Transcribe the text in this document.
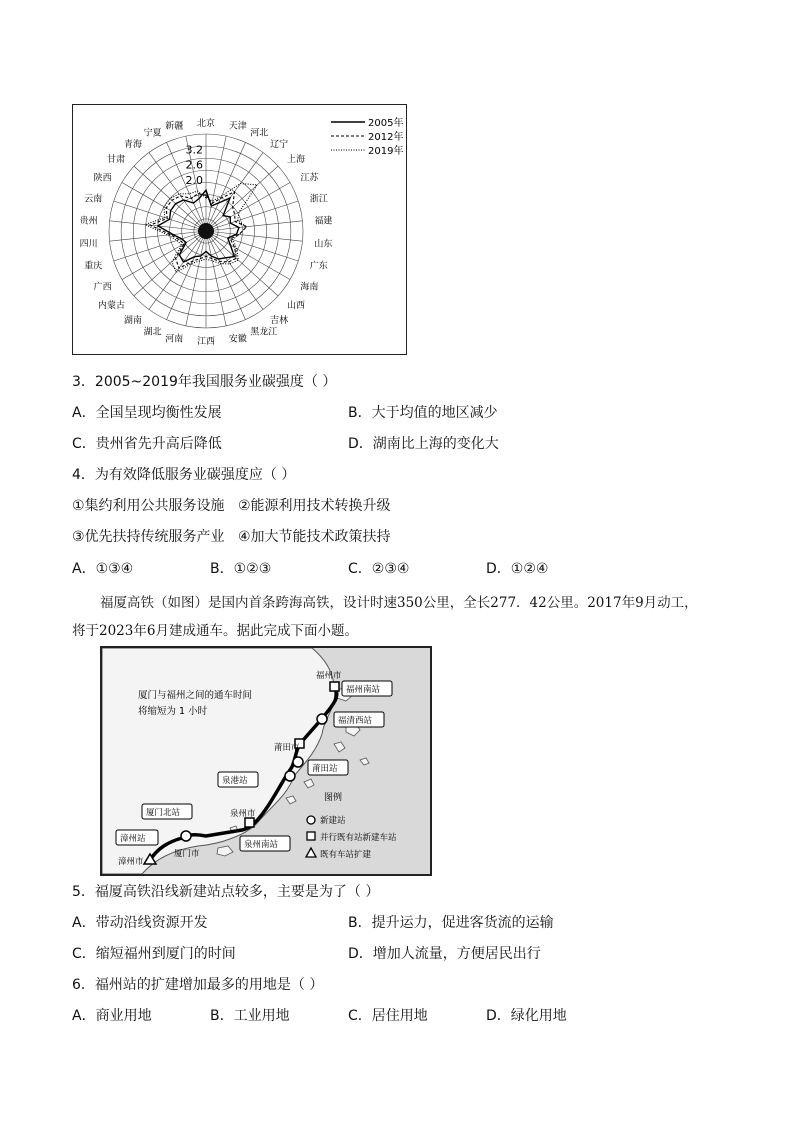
3.2
2.6
2.0
北京 天津
河北
辽宁
上海
江苏
浙江
福建
山东
广东
海南
山西
吉林
黑龙江
安徽
江西
河南
湖北
湖南
内蒙古
广西
重庆
四川
贵州
云南
陕西
甘肃
青海
宁夏
新疆	2005年
2012年
2019年
3．2005~2019年我国服务业碳强度（ ）
A．全国呈现均衡性发展	B．大于均值的地区减少
C．贵州省先升高后降低	D．湖南比上海的变化大
4．为有效降低服务业碳强度应（ ）
①集约利用公共服务设施 ②能源利用技术转换升级
③优先扶持传统服务产业 ④加大节能技术政策扶持
A．①③④	B．①②③	C．②③④	D．①②④
福厦高铁（如图）是国内首条跨海高铁，设计时速350公里，全长277．42公里。2017年9月动工，
将于2023年6月建成通车。据此完成下面小题。
厦门与福州之间的通车时间
将缩短为 1 小时
福州市
莆田市
泉州市
厦门市
漳州市
福州南站
福清西站
莆田站
泉港站
泉州南站
厦门北站
漳州站
图例
新建站
并行既有站新建车站
既有车站扩建
5．福厦高铁沿线新建站点较多，主要是为了（ ）
A．带动沿线资源开发	B．提升运力，促进客货流的运输
C．缩短福州到厦门的时间	D．增加人流量，方便居民出行
6．福州站的扩建增加最多的用地是（ ）
A．商业用地	B．工业用地	C．居住用地	D．绿化用地
